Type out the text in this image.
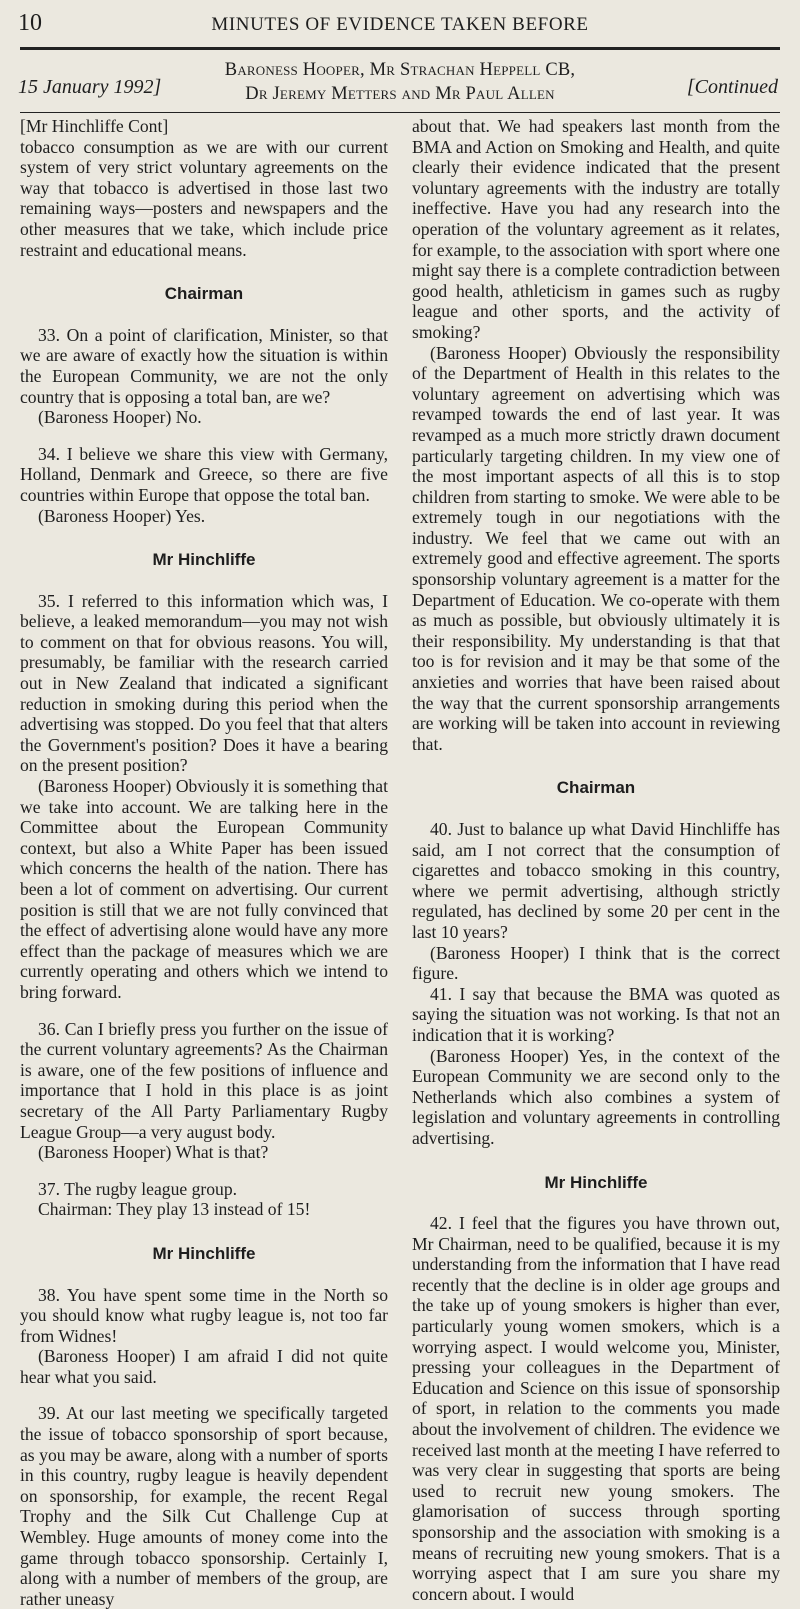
10	MINUTES OF EVIDENCE TAKEN BEFORE
15 January 1992]
Baroness Hooper, Mr Strachan Heppell CB,
Dr Jeremy Metters and Mr Paul Allen	[Continued

[Mr Hinchliffe Cont]

tobacco consumption as we are with our current system of very strict voluntary agreements on the way that tobacco is advertised in those last two remaining ways—posters and newspapers and the other measures that we take, which include price restraint and educational means.

Chairman

33. On a point of clarification, Minister, so that we are aware of exactly how the situation is within the European Community, we are not the only country that is opposing a total ban, are we?

(Baroness Hooper) No.

34. I believe we share this view with Germany, Holland, Denmark and Greece, so there are five countries within Europe that oppose the total ban.

(Baroness Hooper) Yes.

Mr Hinchliffe

35. I referred to this information which was, I believe, a leaked memorandum—you may not wish to comment on that for obvious reasons. You will, presumably, be familiar with the research carried out in New Zealand that indicated a significant reduction in smoking during this period when the advertising was stopped. Do you feel that that alters the Government's position? Does it have a bearing on the present position?

(Baroness Hooper) Obviously it is something that we take into account. We are talking here in the Committee about the European Community context, but also a White Paper has been issued which concerns the health of the nation. There has been a lot of comment on advertising. Our current position is still that we are not fully convinced that the effect of advertising alone would have any more effect than the package of measures which we are currently operating and others which we intend to bring forward.

36. Can I briefly press you further on the issue of the current voluntary agreements? As the Chairman is aware, one of the few positions of influence and importance that I hold in this place is as joint secretary of the All Party Parliamentary Rugby League Group—a very august body.

(Baroness Hooper) What is that?

37. The rugby league group.

Chairman: They play 13 instead of 15!

Mr Hinchliffe

38. You have spent some time in the North so you should know what rugby league is, not too far from Widnes!

(Baroness Hooper) I am afraid I did not quite hear what you said.

39. At our last meeting we specifically targeted the issue of tobacco sponsorship of sport because, as you may be aware, along with a number of sports in this country, rugby league is heavily dependent on sponsorship, for example, the recent Regal Trophy and the Silk Cut Challenge Cup at Wembley. Huge amounts of money come into the game through tobacco sponsorship. Certainly I, along with a number of members of the group, are rather uneasy

about that. We had speakers last month from the BMA and Action on Smoking and Health, and quite clearly their evidence indicated that the present voluntary agreements with the industry are totally ineffective. Have you had any research into the operation of the voluntary agreement as it relates, for example, to the association with sport where one might say there is a complete contradiction between good health, athleticism in games such as rugby league and other sports, and the activity of smoking?

(Baroness Hooper) Obviously the responsibility of the Department of Health in this relates to the voluntary agreement on advertising which was revamped towards the end of last year. It was revamped as a much more strictly drawn document particularly targeting children. In my view one of the most important aspects of all this is to stop children from starting to smoke. We were able to be extremely tough in our negotiations with the industry. We feel that we came out with an extremely good and effective agreement. The sports sponsorship voluntary agreement is a matter for the Department of Education. We co-operate with them as much as possible, but obviously ultimately it is their responsibility. My understanding is that that too is for revision and it may be that some of the anxieties and worries that have been raised about the way that the current sponsorship arrangements are working will be taken into account in reviewing that.

Chairman

40. Just to balance up what David Hinchliffe has said, am I not correct that the consumption of cigarettes and tobacco smoking in this country, where we permit advertising, although strictly regulated, has declined by some 20 per cent in the last 10 years?

(Baroness Hooper) I think that is the correct figure.

41. I say that because the BMA was quoted as saying the situation was not working. Is that not an indication that it is working?

(Baroness Hooper) Yes, in the context of the European Community we are second only to the Netherlands which also combines a system of legislation and voluntary agreements in controlling advertising.

Mr Hinchliffe

42. I feel that the figures you have thrown out, Mr Chairman, need to be qualified, because it is my understanding from the information that I have read recently that the decline is in older age groups and the take up of young smokers is higher than ever, particularly young women smokers, which is a worrying aspect. I would welcome you, Minister, pressing your colleagues in the Department of Education and Science on this issue of sponsorship of sport, in relation to the comments you made about the involvement of children. The evidence we received last month at the meeting I have referred to was very clear in suggesting that sports are being used to recruit new young smokers. The glamorisation of success through sporting sponsorship and the association with smoking is a means of recruiting new young smokers. That is a worrying aspect that I am sure you share my concern about. I would
